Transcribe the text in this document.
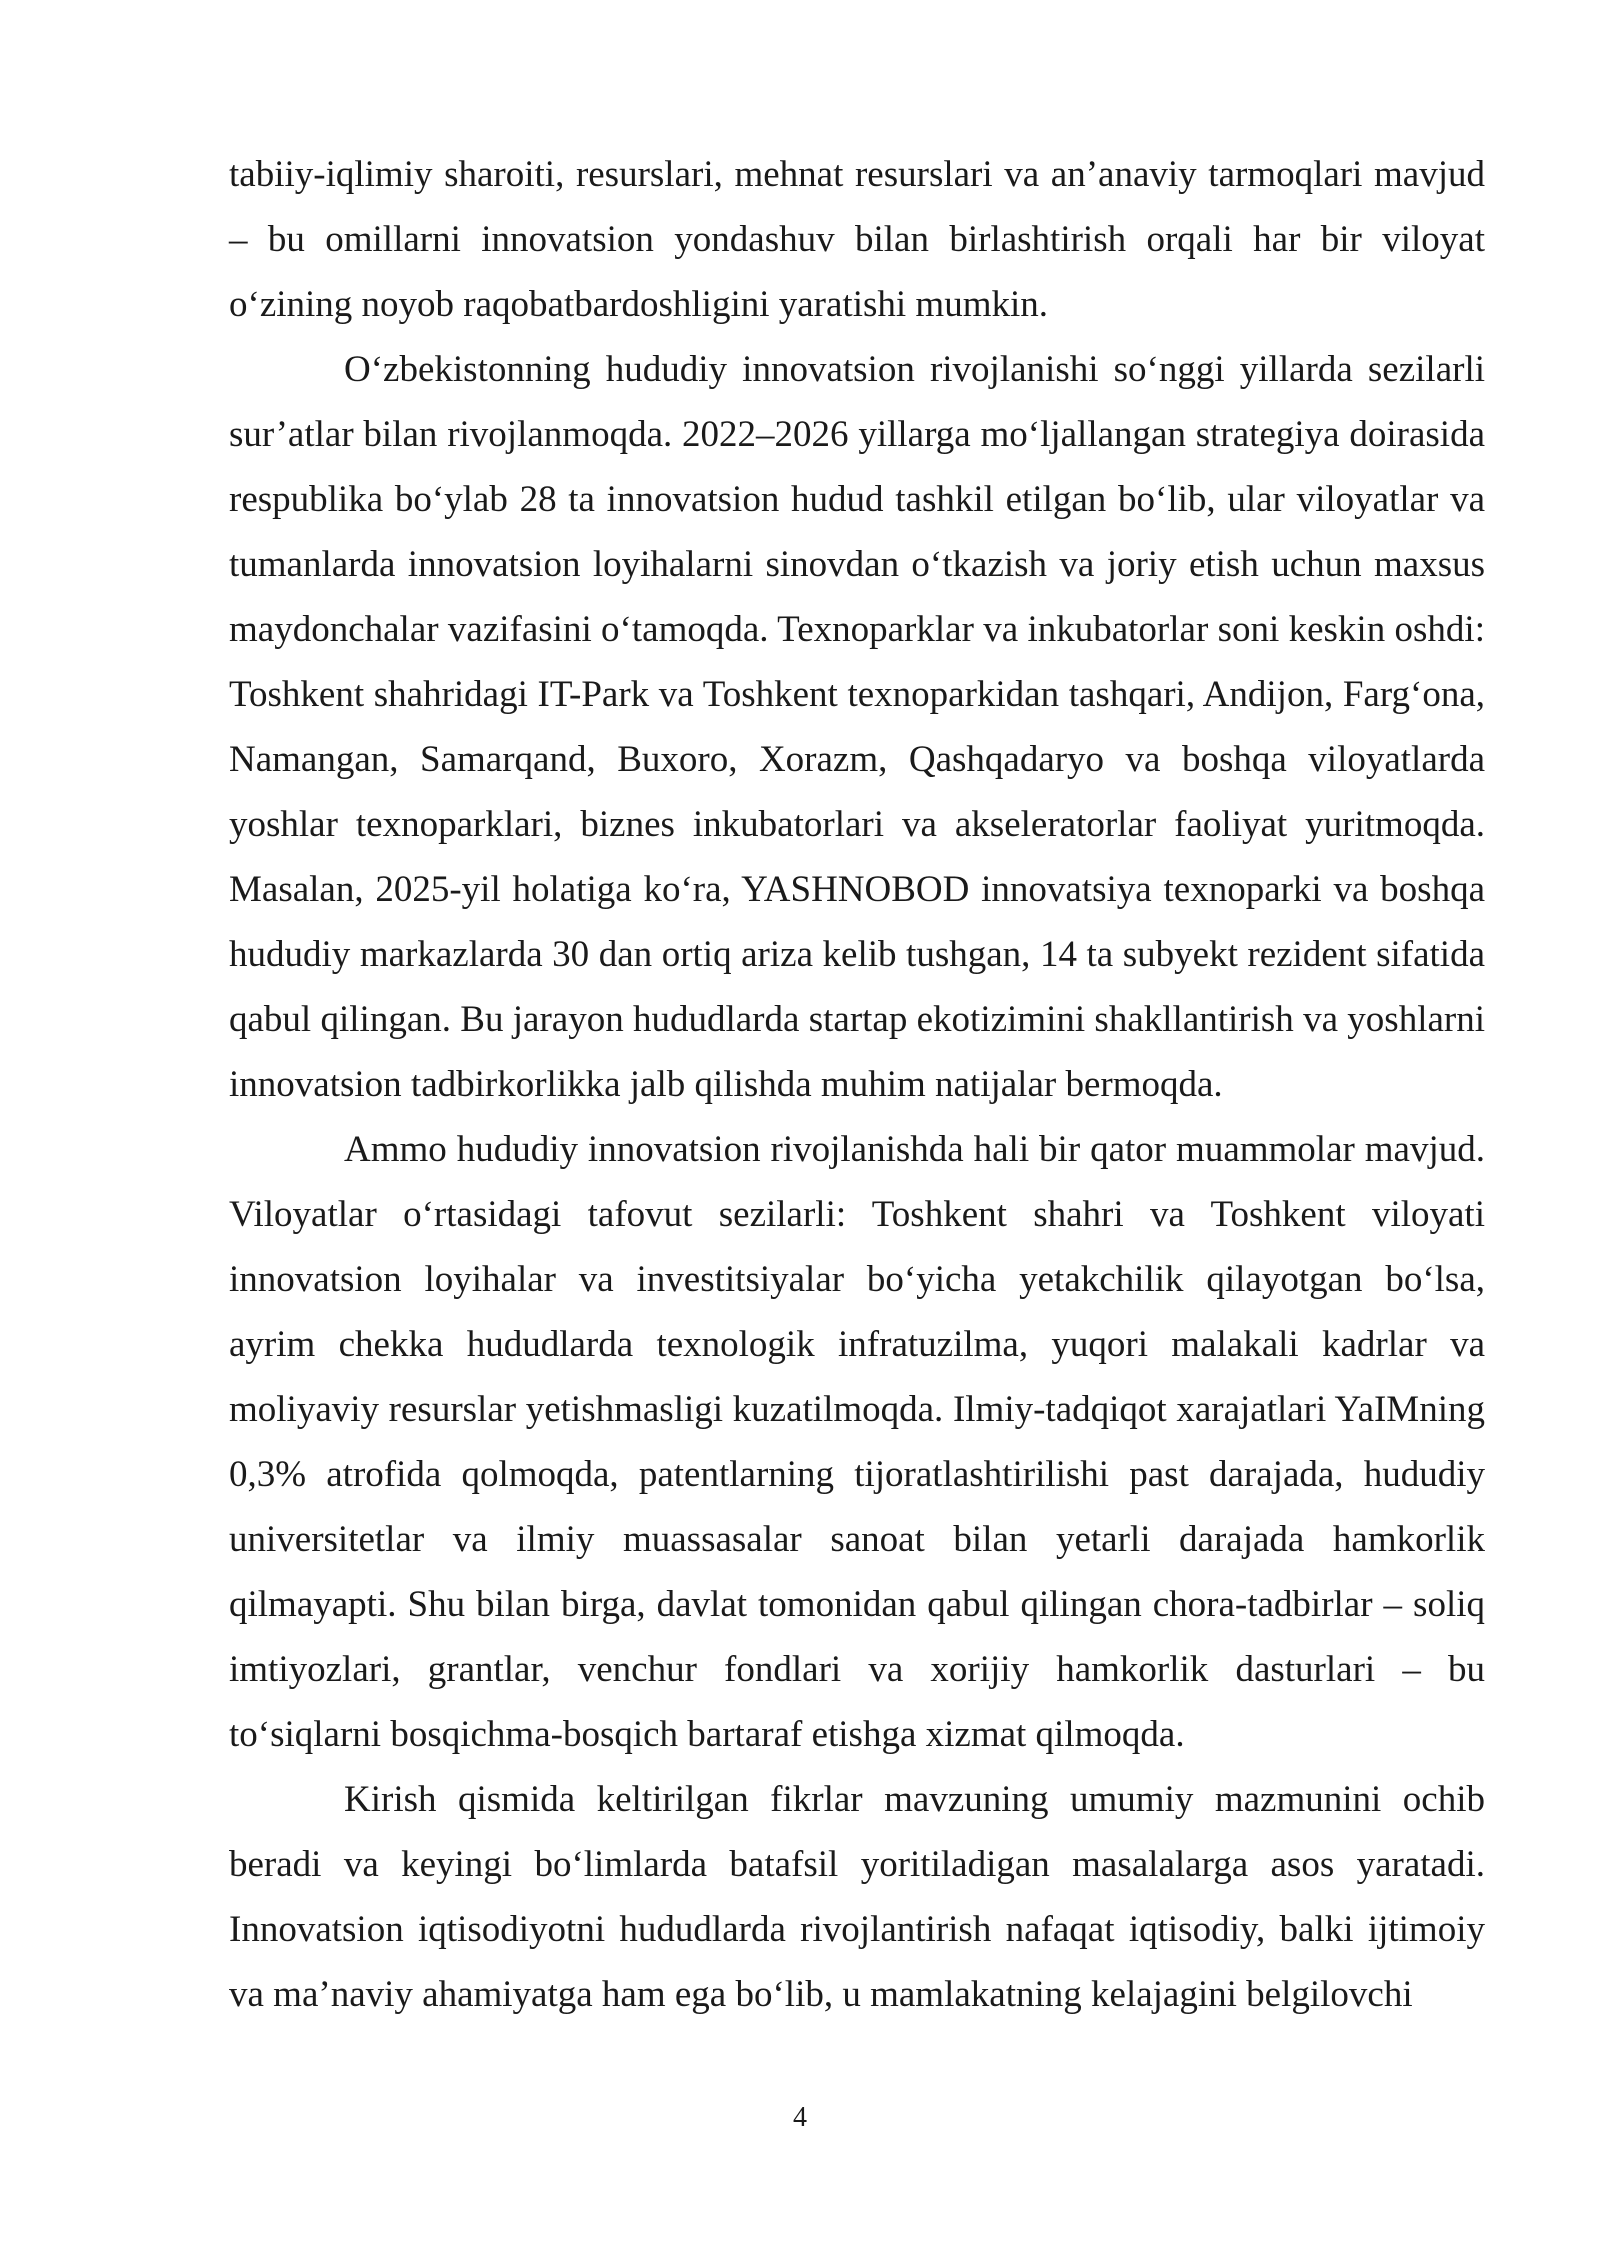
tabiiy-iqlimiy sharoiti, resurslari, mehnat resurslari va an’anaviy tarmoqlari mavjud – bu omillarni innovatsion yondashuv bilan birlashtirish orqali har bir viloyat o‘zining noyob raqobatbardoshligini yaratishi mumkin.

O‘zbekistonning hududiy innovatsion rivojlanishi so‘nggi yillarda sezilarli sur’atlar bilan rivojlanmoqda. 2022–2026 yillarga mo‘ljallangan strategiya doirasida respublika bo‘ylab 28 ta innovatsion hudud tashkil etilgan bo‘lib, ular viloyatlar va tumanlarda innovatsion loyihalarni sinovdan o‘tkazish va joriy etish uchun maxsus maydonchalar vazifasini o‘tamoqda. Texnoparklar va inkubatorlar soni keskin oshdi: Toshkent shahridagi IT-Park va Toshkent texnoparkidan tashqari, Andijon, Farg‘ona, Namangan, Samarqand, Buxoro, Xorazm, Qashqadaryo va boshqa viloyatlarda yoshlar texnoparklari, biznes inkubatorlari va akseleratorlar faoliyat yuritmoqda. Masalan, 2025-yil holatiga ko‘ra, YASHNOBOD innovatsiya texnoparki va boshqa hududiy markazlarda 30 dan ortiq ariza kelib tushgan, 14 ta subyekt rezident sifatida qabul qilingan. Bu jarayon hududlarda startap ekotizimini shakllantirish va yoshlarni innovatsion tadbirkorlikka jalb qilishda muhim natijalar bermoqda.

Ammo hududiy innovatsion rivojlanishda hali bir qator muammolar mavjud. Viloyatlar o‘rtasidagi tafovut sezilarli: Toshkent shahri va Toshkent viloyati innovatsion loyihalar va investitsiyalar bo‘yicha yetakchilik qilayotgan bo‘lsa, ayrim chekka hududlarda texnologik infratuzilma, yuqori malakali kadrlar va moliyaviy resurslar yetishmasligi kuzatilmoqda. Ilmiy-tadqiqot xarajatlari YaIMning 0,3% atrofida qolmoqda, patentlarning tijoratlashtirilishi past darajada, hududiy universitetlar va ilmiy muassasalar sanoat bilan yetarli darajada hamkorlik qilmayapti. Shu bilan birga, davlat tomonidan qabul qilingan chora-tadbirlar – soliq imtiyozlari, grantlar, venchur fondlari va xorijiy hamkorlik dasturlari – bu to‘siqlarni bosqichma-bosqich bartaraf etishga xizmat qilmoqda.

Kirish qismida keltirilgan fikrlar mavzuning umumiy mazmunini ochib beradi va keyingi bo‘limlarda batafsil yoritiladigan masalalarga asos yaratadi. Innovatsion iqtisodiyotni hududlarda rivojlantirish nafaqat iqtisodiy, balki ijtimoiy va ma’naviy ahamiyatga ham ega bo‘lib, u mamlakatning kelajagini belgilovchi

4
